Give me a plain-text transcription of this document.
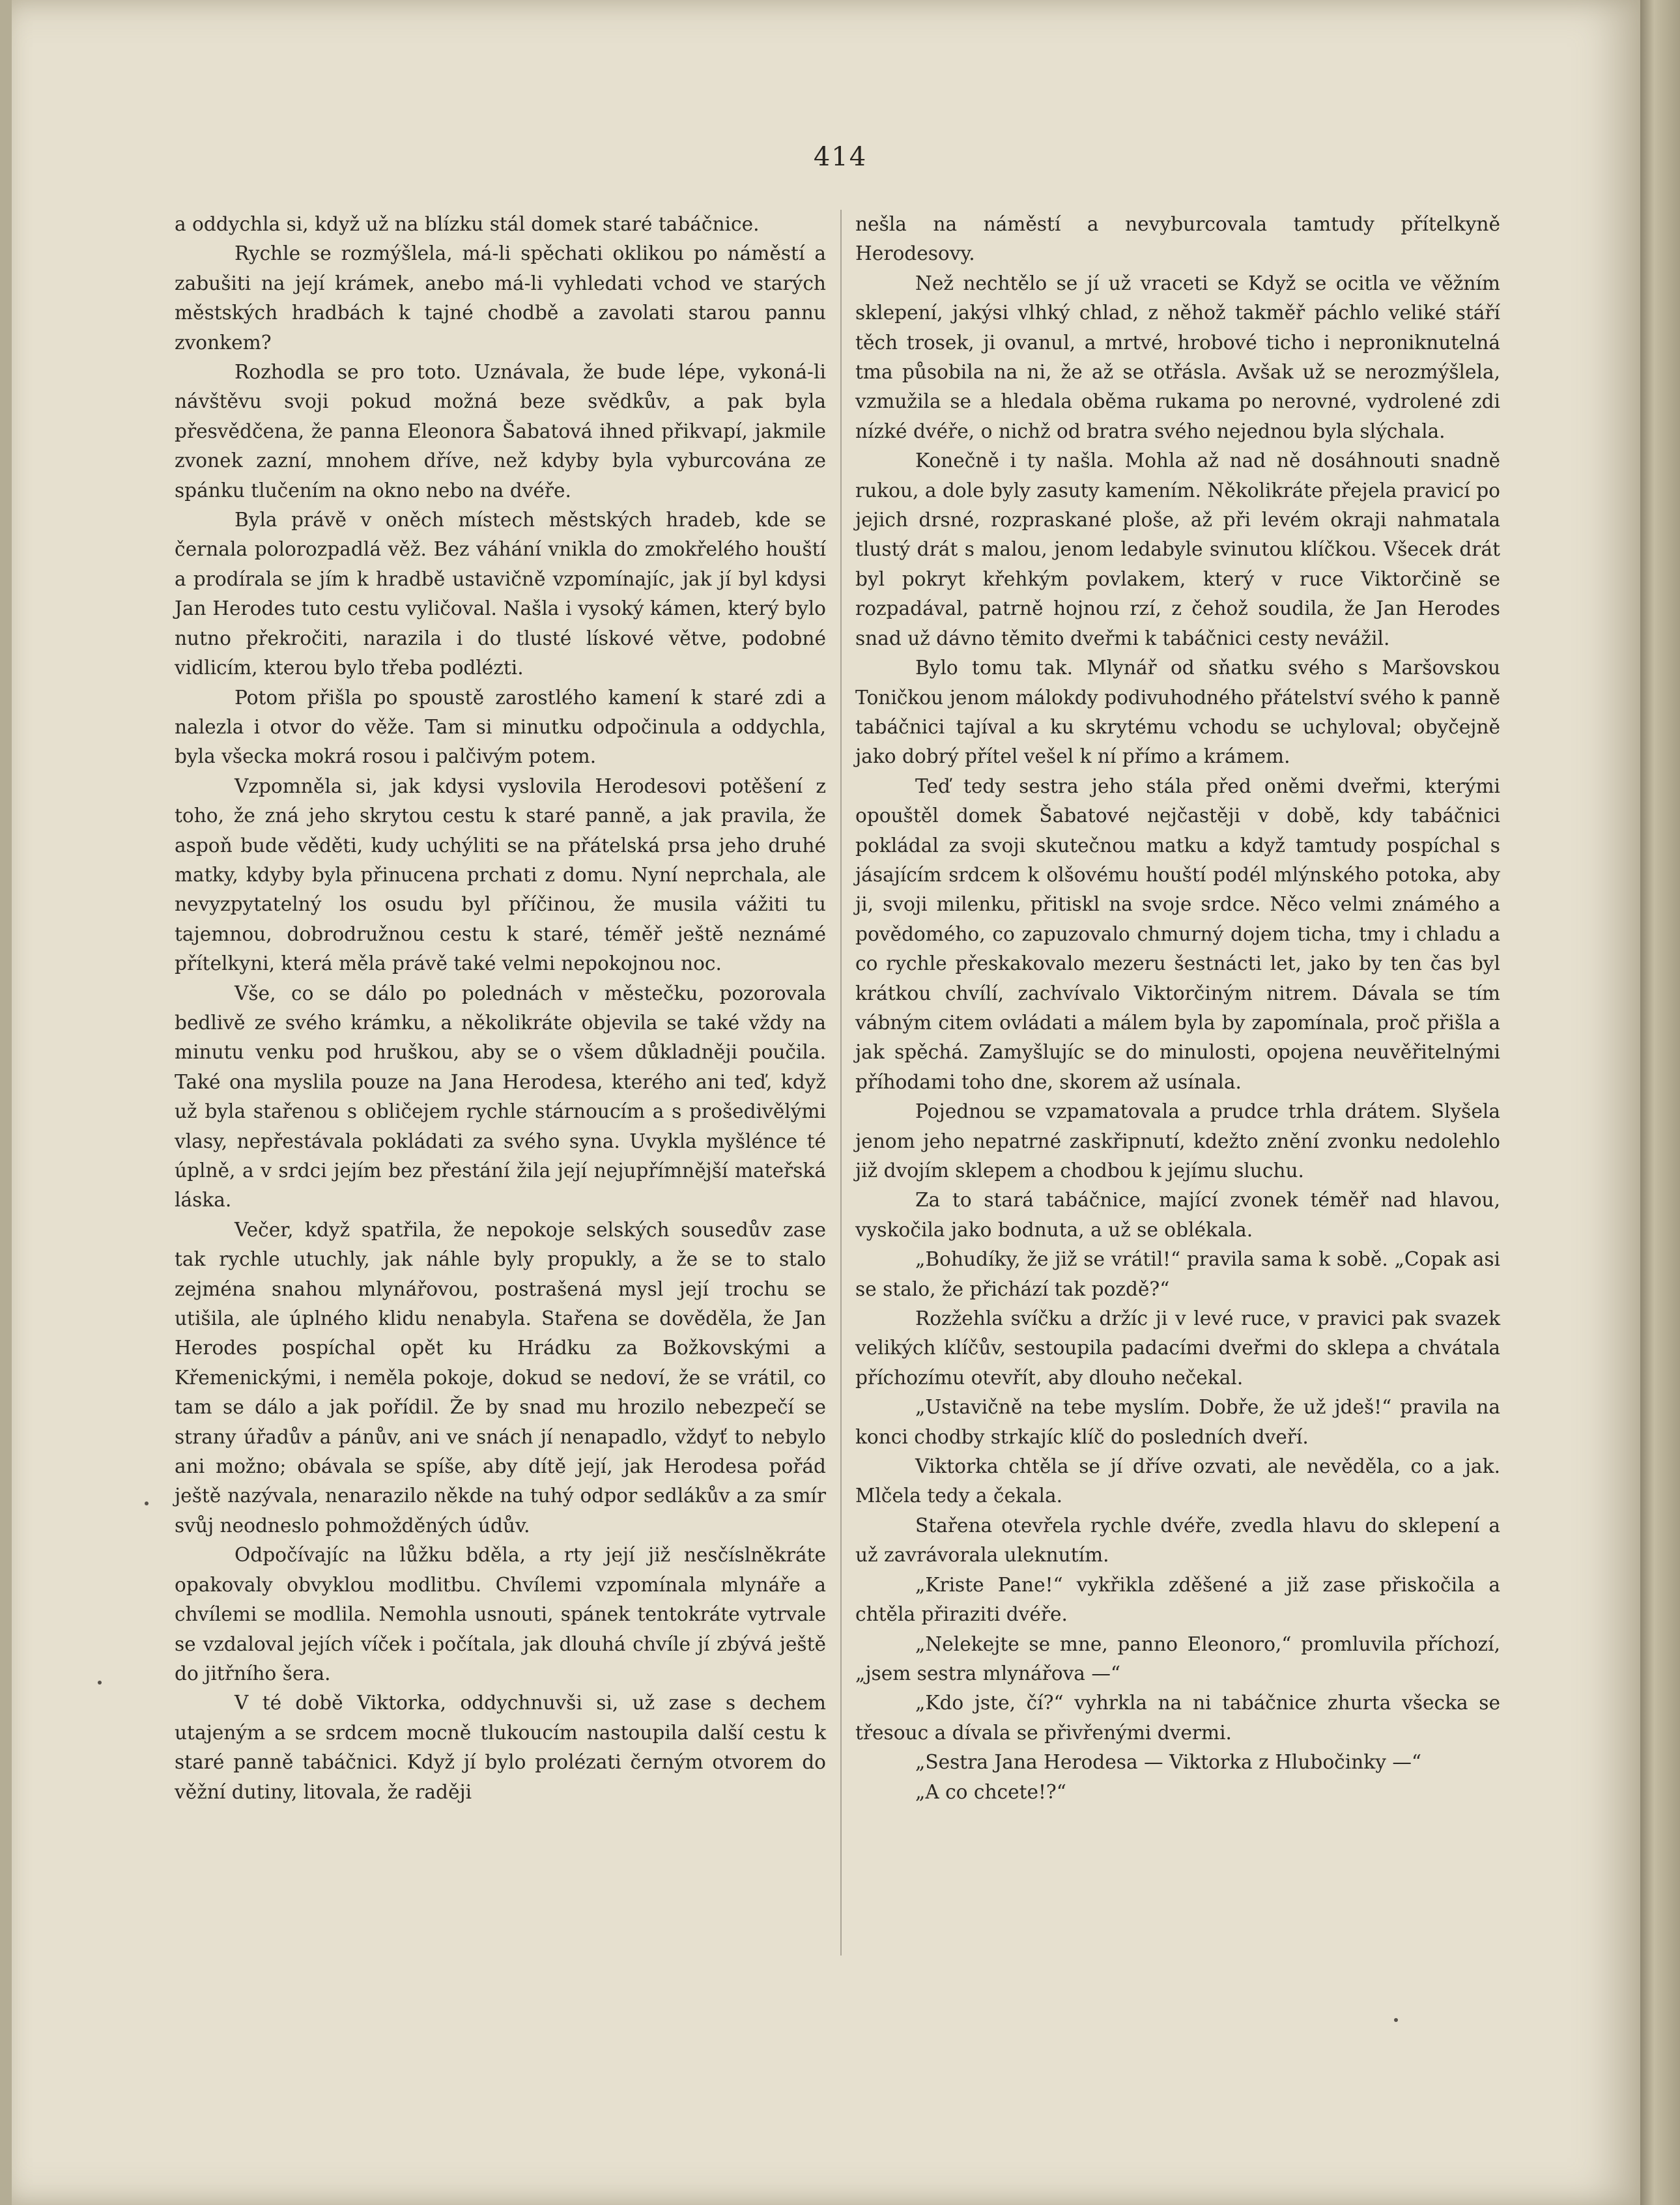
414

a oddychla si, když už na blízku stál domek staré tabáčnice.

Rychle se rozmýšlela, má-li spěchati oklikou po náměstí a zabušiti na její krámek, anebo má-li vyhledati vchod ve starých městských hradbách k tajné chodbě a zavolati starou pannu zvonkem?

Rozhodla se pro toto. Uznávala, že bude lépe, vykoná-li návštěvu svoji pokud možná beze svědkův, a pak byla přesvědčena, že panna Eleonora Šabatová ihned přikvapí, jakmile zvonek zazní, mnohem dříve, než kdyby byla vyburcována ze spánku tlučením na okno nebo na dvéře.

Byla právě v oněch místech městských hradeb, kde se černala polorozpadlá věž. Bez váhání vnikla do zmokřelého houští a prodírala se jím k hradbě ustavičně vzpomínajíc, jak jí byl kdysi Jan Herodes tuto cestu vyličoval. Našla i vysoký kámen, který bylo nutno překročiti, narazila i do tlusté lískové větve, podobné vidlicím, kterou bylo třeba podlézti.

Potom přišla po spoustě zarostlého kamení k staré zdi a nalezla i otvor do věže. Tam si minutku odpočinula a oddychla, byla všecka mokrá rosou i palčivým potem.

Vzpomněla si, jak kdysi vyslovila Herodesovi potěšení z toho, že zná jeho skrytou cestu k staré panně, a jak pravila, že aspoň bude věděti, kudy uchýliti se na přátelská prsa jeho druhé matky, kdyby byla přinucena prchati z domu. Nyní neprchala, ale nevyzpytatelný los osudu byl příčinou, že musila vážiti tu tajemnou, dobrodružnou cestu k staré, téměř ještě neznámé přítelkyni, která měla právě také velmi nepokojnou noc.

Vše, co se dálo po polednách v městečku, pozorovala bedlivě ze svého krámku, a několikráte objevila se také vždy na minutu venku pod hruškou, aby se o všem důkladněji poučila. Také ona myslila pouze na Jana Herodesa, kterého ani teď, když už byla stařenou s obličejem rychle stárnoucím a s prošedivělými vlasy, nepřestávala pokládati za svého syna. Uvykla myšlénce té úplně, a v srdci jejím bez přestání žila její nejupřímnější mateřská láska.

Večer, když spatřila, že nepokoje selských sousedův zase tak rychle utuchly, jak náhle byly propukly, a že se to stalo zejména snahou mlynářovou, postrašená mysl její trochu se utišila, ale úplného klidu nenabyla. Stařena se dověděla, že Jan Herodes pospíchal opět ku Hrádku za Božkovskými a Křemenickými, i neměla pokoje, dokud se nedoví, že se vrátil, co tam se dálo a jak pořídil. Že by snad mu hrozilo nebezpečí se strany úřadův a pánův, ani ve snách jí nenapadlo, vždyť to nebylo ani možno; obávala se spíše, aby dítě její, jak Herodesa pořád ještě nazývala, nenarazilo někde na tuhý odpor sedlákův a za smír svůj neodneslo pohmožděných údův.

Odpočívajíc na lůžku bděla, a rty její již nesčíslněkráte opakovaly obvyklou modlitbu. Chvílemi vzpomínala mlynáře a chvílemi se modlila. Nemohla usnouti, spánek tentokráte vytrvale se vzdaloval jejích víček i počítala, jak dlouhá chvíle jí zbývá ještě do jitřního šera.

V té době Viktorka, oddychnuvši si, už zase s dechem utajeným a se srdcem mocně tlukoucím nastoupila další cestu k staré panně tabáčnici. Když jí bylo prolézati černým otvorem do věžní dutiny, litovala, že raději

nešla na náměstí a nevyburcovala tamtudy přítelkyně Herodesovy.

Než nechtělo se jí už vraceti se Když se ocitla ve věžním sklepení, jakýsi vlhký chlad, z něhož takměř páchlo veliké stáří těch trosek, ji ovanul, a mrtvé, hrobové ticho i neproniknutelná tma působila na ni, že až se otřásla. Avšak už se nerozmýšlela, vzmužila se a hledala oběma rukama po nerovné, vydrolené zdi nízké dvéře, o nichž od bratra svého nejednou byla slýchala.

Konečně i ty našla. Mohla až nad ně dosáhnouti snadně rukou, a dole byly zasuty kamením. Několikráte přejela pravicí po jejich drsné, rozpraskané ploše, až při levém okraji nahmatala tlustý drát s malou, jenom ledabyle svinutou klíčkou. Všecek drát byl pokryt křehkým povlakem, který v ruce Viktorčině se rozpadával, patrně hojnou rzí, z čehož soudila, že Jan Herodes snad už dávno těmito dveřmi k tabáčnici cesty nevážil.

Bylo tomu tak. Mlynář od sňatku svého s Maršovskou Toničkou jenom málokdy podivuhodného přátelství svého k panně tabáčnici tajíval a ku skrytému vchodu se uchyloval; obyčejně jako dobrý přítel vešel k ní přímo a krámem.

Teď tedy sestra jeho stála před oněmi dveřmi, kterými opouštěl domek Šabatové nejčastěji v době, kdy tabáčnici pokládal za svoji skutečnou matku a když tamtudy pospíchal s jásajícím srdcem k olšovému houští podél mlýnského potoka, aby ji, svoji milenku, přitiskl na svoje srdce. Něco velmi známého a povědomého, co zapuzovalo chmurný dojem ticha, tmy i chladu a co rychle přeskakovalo mezeru šestnácti let, jako by ten čas byl krátkou chvílí, zachvívalo Viktorčiným nitrem. Dávala se tím vábným citem ovládati a málem byla by zapomínala, proč přišla a jak spěchá. Zamyšlujíc se do minulosti, opojena neuvěřitelnými příhodami toho dne, skorem až usínala.

Pojednou se vzpamatovala a prudce trhla drátem. Slyšela jenom jeho nepatrné zaskřipnutí, kdežto znění zvonku nedolehlo již dvojím sklepem a chodbou k jejímu sluchu.

Za to stará tabáčnice, mající zvonek téměř nad hlavou, vyskočila jako bodnuta, a už se oblékala.

„Bohudíky, že již se vrátil!“ pravila sama k sobě. „Copak asi se stalo, že přichází tak pozdě?“

Rozžehla svíčku a držíc ji v levé ruce, v pravici pak svazek velikých klíčův, sestoupila padacími dveřmi do sklepa a chvátala příchozímu otevřít, aby dlouho nečekal.

„Ustavičně na tebe myslím. Dobře, že už jdeš!“ pravila na konci chodby strkajíc klíč do posledních dveří.

Viktorka chtěla se jí dříve ozvati, ale nevěděla, co a jak. Mlčela tedy a čekala.

Stařena otevřela rychle dvéře, zvedla hlavu do sklepení a už zavrávorala uleknutím.

„Kriste Pane!“ vykřikla zděšené a již zase přiskočila a chtěla přiraziti dvéře.

„Nelekejte se mne, panno Eleonoro,“ promluvila příchozí, „jsem sestra mlynářova —“

„Kdo jste, čí?“ vyhrkla na ni tabáčnice zhurta všecka se třesouc a dívala se přivřenými dvermi.

„Sestra Jana Herodesa — Viktorka z Hlubočinky —“

„A co chcete!?“
